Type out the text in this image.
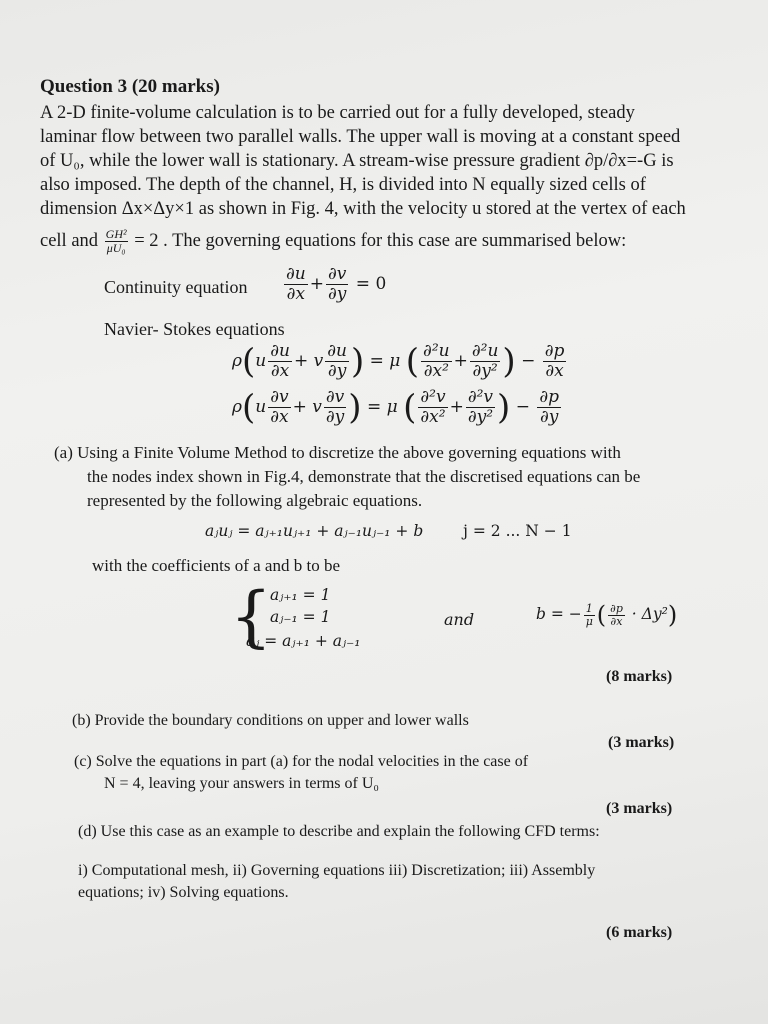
Question 3 (20 marks)
A 2-D finite-volume calculation is to be carried out for a fully developed, steady
laminar flow between two parallel walls. The upper wall is moving at a constant speed
of U₀, while the lower wall is stationary. A stream-wise pressure gradient ∂p/∂x=-G is
also imposed. The depth of the channel, H, is divided into N equally sized cells of
dimension Δx×Δy×1 as shown in Fig. 4, with the velocity u stored at the vertex of each
cell and $\frac{\text{GH²}}{\text{μU₀}} = 2$ . The governing equations for this case are summarised below:
Continuity equation $\frac{\partial u}{\partial x} + \frac{\partial v}{\partial y} = 0$
Navier- Stokes equations
$\rho(u \frac{\partial u}{\partial x} + v \frac{\partial u}{\partial y}$ ) = μ ( $\frac{\text{∂²u}}{\text{∂x²}} + \frac{\text{∂²u}}{\text{∂y²}}$ ) − $\frac{\partial p}{\partial x}$
$\rho(u \frac{\partial v}{\partial x} + v \frac{\partial v}{\partial y}$ ) = μ ( $\frac{\text{∂²v}}{\text{∂x²}} + \frac{\text{∂²v}}{\text{∂y²}}$ ) − $\frac{\partial p}{\partial y}$
(a) Using a Finite Volume Method to discretize the above governing equations with
the nodes index shown in Fig.4, demonstrate that the discretised equations can be
represented by the following algebraic equations.
aⱼuⱼ = aⱼ₊₁uⱼ₊₁ + aⱼ₋₁uⱼ₋₁ + b	j = 2 ... N − 1
with the coefficients of a and b to be
{
aⱼ₊₁ = 1
aⱼ₋₁ = 1
aⱼ = aⱼ₊₁ + aⱼ₋₁
and	b = − $\frac{1}{\mu}$ ( $\frac{\partial p}{\partial x} \cdot \Delta y^2$)
(8 marks)
(b) Provide the boundary conditions on upper and lower walls
(3 marks)
(c) Solve the equations in part (a) for the nodal velocities in the case of
N = 4, leaving your answers in terms of U₀
(3 marks)
(d) Use this case as an example to describe and explain the following CFD terms:
i) Computational mesh, ii) Governing equations iii) Discretization; iii) Assembly
equations; iv) Solving equations.
(6 marks)
